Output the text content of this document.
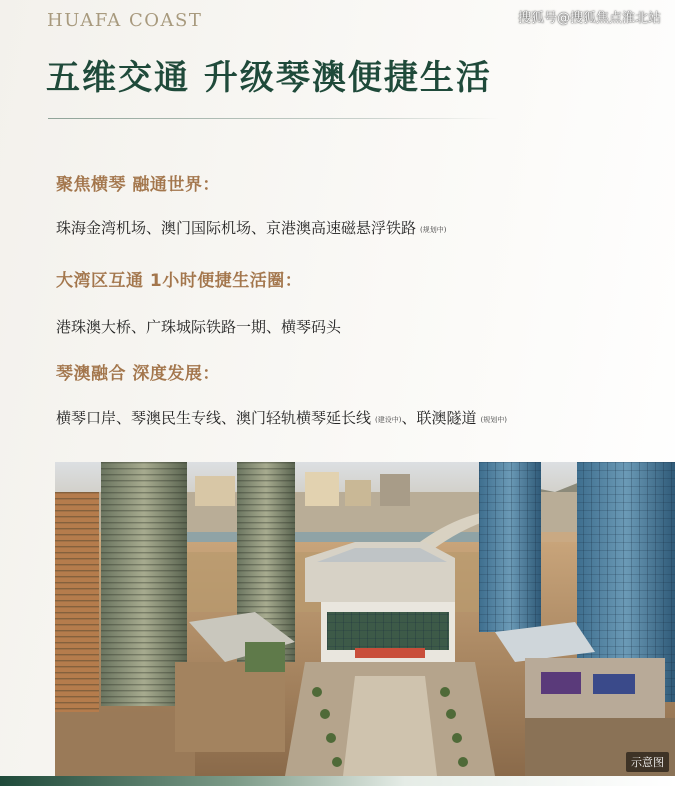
HUAFA COAST	搜狐号@搜狐焦点淮北站
五维交通 升级琴澳便捷生活
聚焦横琴 融通世界：
珠海金湾机场、澳门国际机场、京港澳高速磁悬浮铁路 (规划中)
大湾区互通 1小时便捷生活圈：
港珠澳大桥、广珠城际铁路一期、横琴码头
琴澳融合 深度发展：
横琴口岸、琴澳民生专线、澳门轻轨横琴延长线 (建设中)、联澳隧道 (规划中)
示意图
